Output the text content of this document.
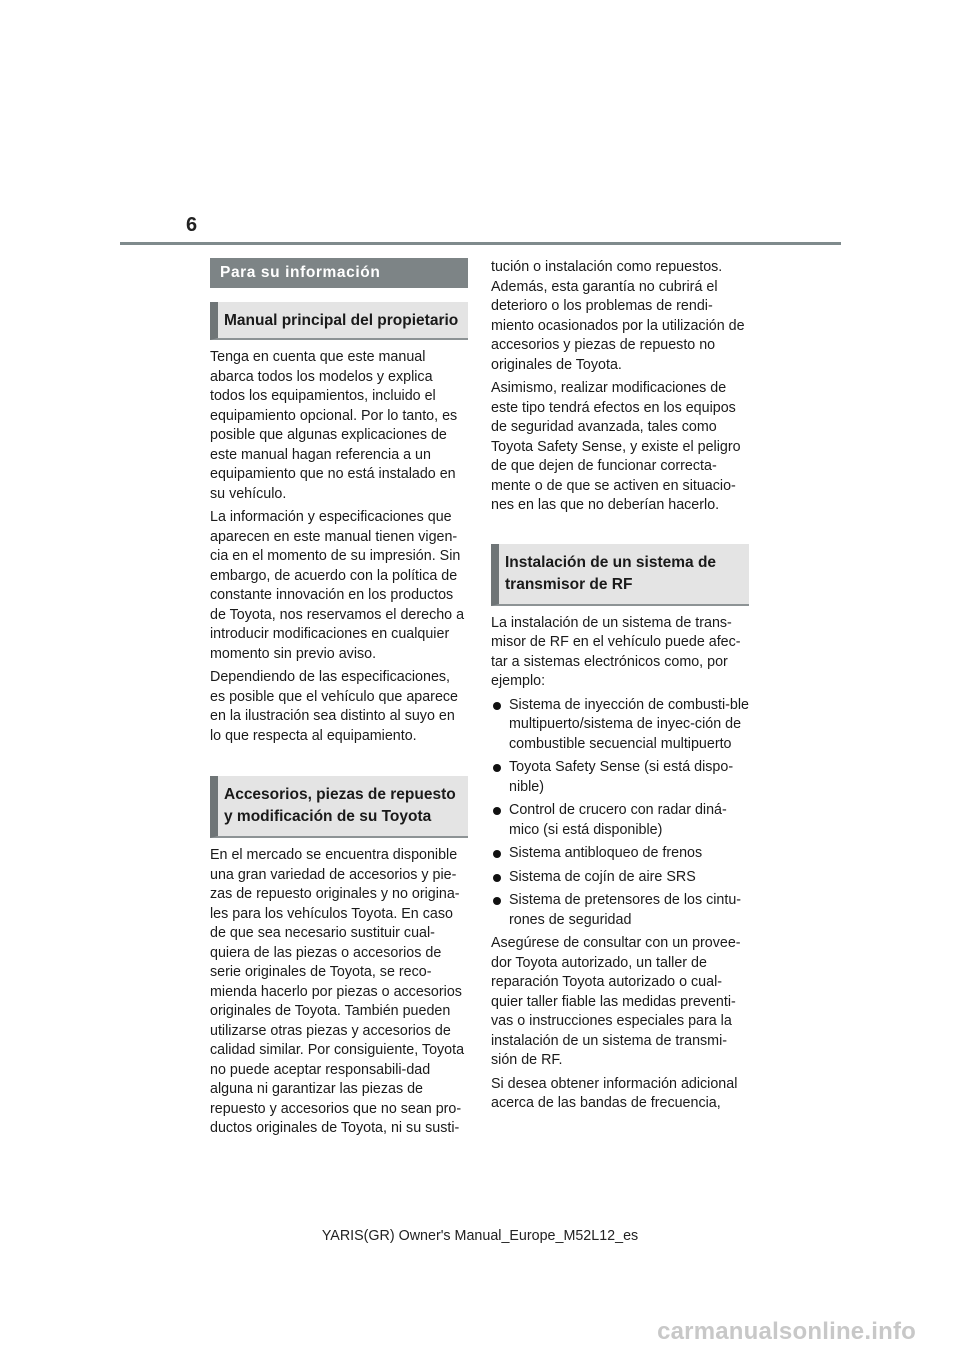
6
Para su información
Manual principal del propietario

Tenga en cuenta que este manual abarca todos los modelos y explica todos los equipamientos, incluido el equipamiento opcional. Por lo tanto, es posible que algunas explicaciones de este manual hagan referencia a un equipamiento que no está instalado en su vehículo.

La información y especificaciones que aparecen en este manual tienen vigen-cia en el momento de su impresión. Sin embargo, de acuerdo con la política de constante innovación en los productos de Toyota, nos reservamos el derecho a introducir modificaciones en cualquier momento sin previo aviso.

Dependiendo de las especificaciones, es posible que el vehículo que aparece en la ilustración sea distinto al suyo en lo que respecta al equipamiento.

Accesorios, piezas de repuesto y modificación de su Toyota

En el mercado se encuentra disponible una gran variedad de accesorios y pie-zas de repuesto originales y no origina-les para los vehículos Toyota. En caso de que sea necesario sustituir cual-quiera de las piezas o accesorios de serie originales de Toyota, se reco-mienda hacerlo por piezas o accesorios originales de Toyota. También pueden utilizarse otras piezas y accesorios de calidad similar. Por consiguiente, Toyota no puede aceptar responsabili-dad alguna ni garantizar las piezas de repuesto y accesorios que no sean pro-ductos originales de Toyota, ni su susti-

tución o instalación como repuestos. Además, esta garantía no cubrirá el deterioro o los problemas de rendi-miento ocasionados por la utilización de accesorios y piezas de repuesto no originales de Toyota.

Asimismo, realizar modificaciones de este tipo tendrá efectos en los equipos de seguridad avanzada, tales como Toyota Safety Sense, y existe el peligro de que dejen de funcionar correcta-mente o de que se activen en situacio-nes en las que no deberían hacerlo.

Instalación de un sistema de transmisor de RF

La instalación de un sistema de trans-misor de RF en el vehículo puede afec-tar a sistemas electrónicos como, por ejemplo:

Sistema de inyección de combusti-ble multipuerto/sistema de inyec-ción de combustible secuencial multipuerto
Toyota Safety Sense (si está dispo-nible)
Control de crucero con radar diná-mico (si está disponible)
Sistema antibloqueo de frenos
Sistema de cojín de aire SRS
Sistema de pretensores de los cintu-rones de seguridad

Asegúrese de consultar con un provee-dor Toyota autorizado, un taller de reparación Toyota autorizado o cual-quier taller fiable las medidas preventi-vas o instrucciones especiales para la instalación de un sistema de transmi-sión de RF.

Si desea obtener información adicional acerca de las bandas de frecuencia,

YARIS(GR) Owner's Manual_Europe_M52L12_es
carmanualsonline.info
